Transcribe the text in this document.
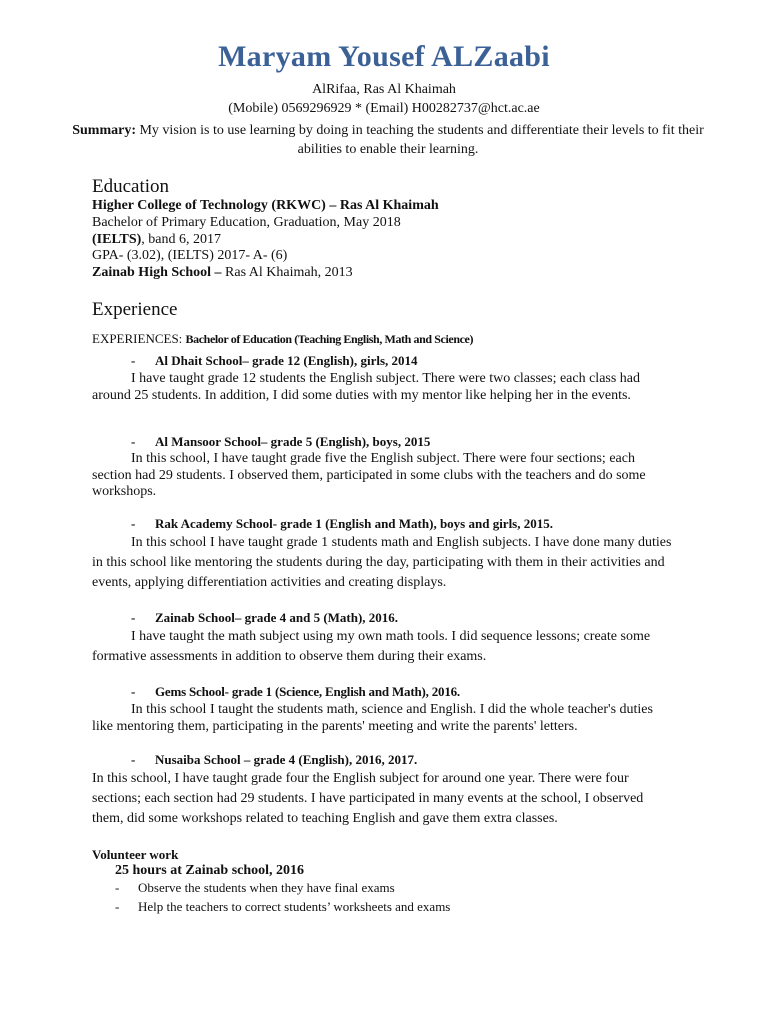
Maryam Yousef ALZaabi
AlRifaa, Ras Al Khaimah
(Mobile) 0569296929 * (Email) H00282737@hct.ac.ae
Summary: My vision is to use learning by doing in teaching the students and differentiate their levels to fit their abilities to enable their learning.
Education
Higher College of Technology (RKWC) – Ras Al Khaimah
Bachelor of Primary Education, Graduation, May 2018
(IELTS), band 6, 2017
GPA- (3.02), (IELTS) 2017- A- (6)
Zainab High School – Ras Al Khaimah, 2013
Experience
EXPERIENCES: Bachelor of Education (Teaching English, Math and Science)
- Al Dhait School– grade 12 (English), girls, 2014
I have taught grade 12 students the English subject. There were two classes; each class had around 25 students. In addition, I did some duties with my mentor like helping her in the events.
- Al Mansoor School– grade 5 (English), boys, 2015
In this school, I have taught grade five the English subject. There were four sections; each section had 29 students. I observed them, participated in some clubs with the teachers and do some workshops.
- Rak Academy School- grade 1 (English and Math), boys and girls, 2015.
In this school I have taught grade 1 students math and English subjects. I have done many duties in this school like mentoring the students during the day, participating with them in their activities and events, applying differentiation activities and creating displays.
- Zainab School– grade 4 and 5 (Math), 2016.
I have taught the math subject using my own math tools. I did sequence lessons; create some formative assessments in addition to observe them during their exams.
- Gems School- grade 1 (Science, English and Math), 2016.
In this school I taught the students math, science and English. I did the whole teacher's duties like mentoring them, participating in the parents' meeting and write the parents' letters.
- Nusaiba School – grade 4 (English), 2016, 2017.
In this school, I have taught grade four the English subject for around one year. There were four sections; each section had 29 students. I have participated in many events at the school, I observed them, did some workshops related to teaching English and gave them extra classes.
Volunteer work
25 hours at Zainab school, 2016
- Observe the students when they have final exams
- Help the teachers to correct students’ worksheets and exams
